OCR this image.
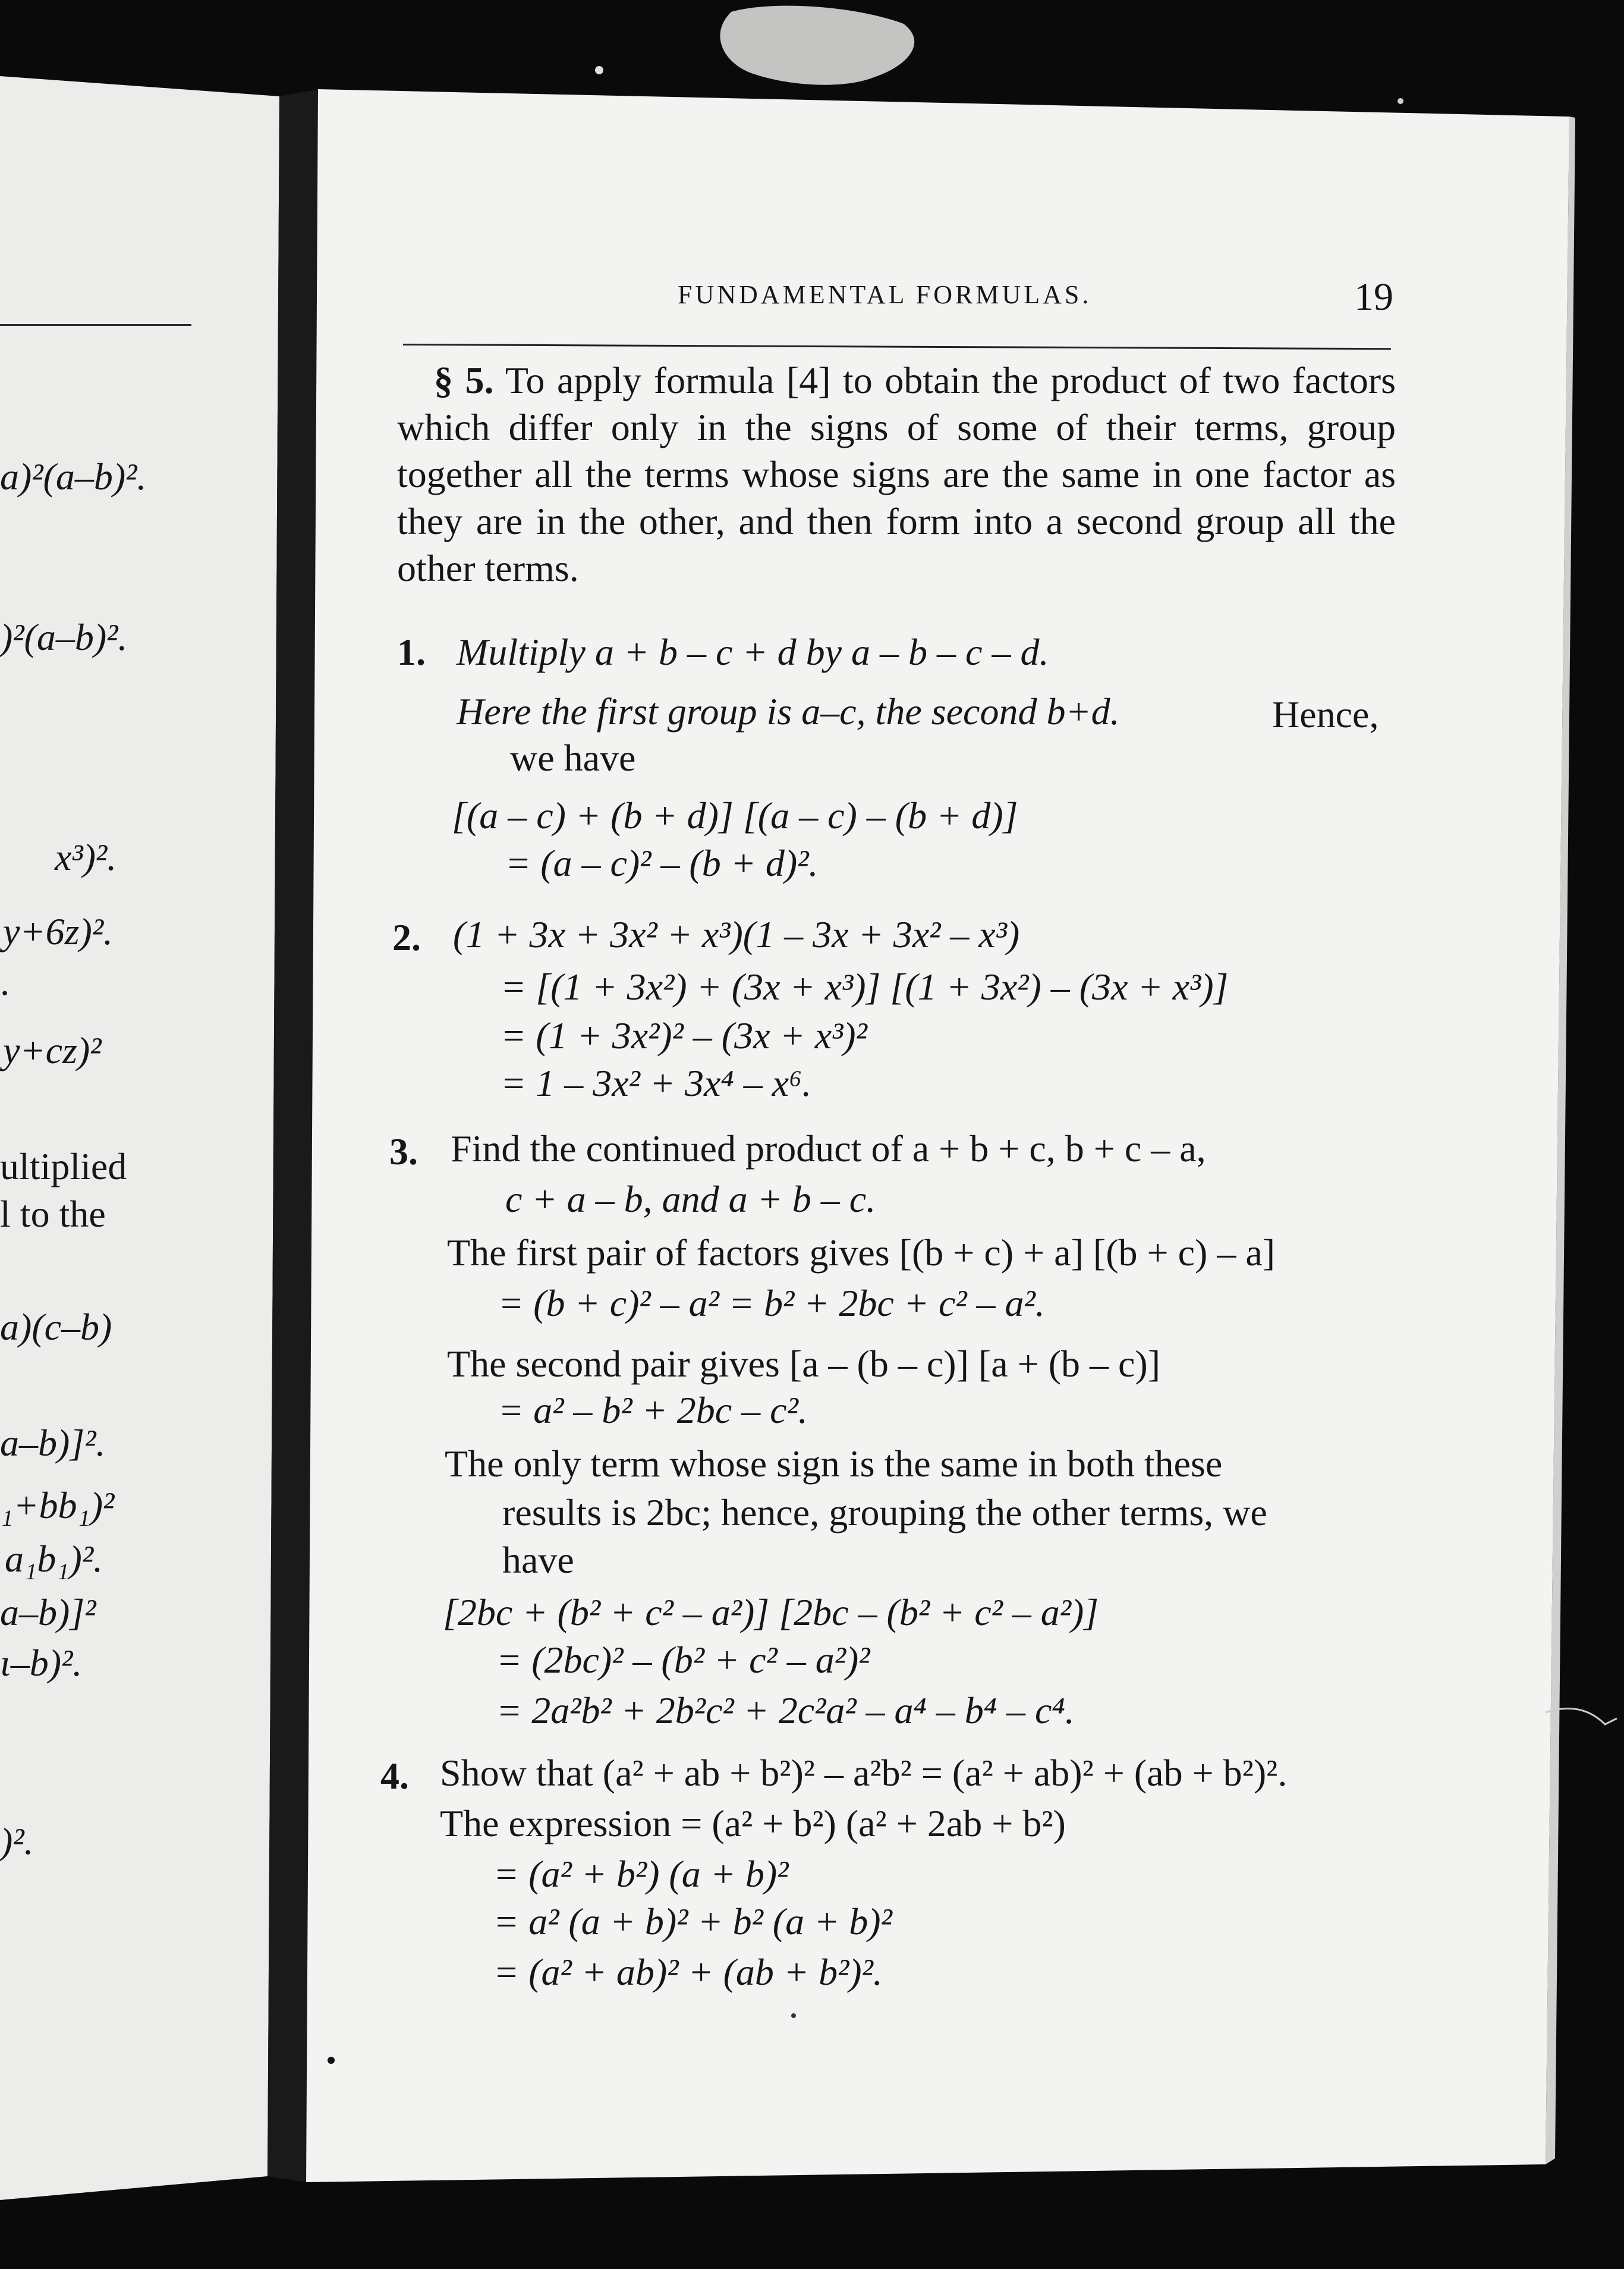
a)²(a–b)².
)²(a–b)².
x³)².
y+6z)².
.
y+cz)²
ultiplied
l to the
a)(c–b)
a–b)]².
₁+bb₁)²
a₁b₁)².
a–b)]²
ι–b)².
)².
FUNDAMENTAL FORMULAS.	19
§ 5. To apply formula [4] to obtain the product of two factors which differ only in the signs of some of their terms, group together all the terms whose signs are the same in one factor as they are in the other, and then form into a second group all the other terms.
1. Multiply a + b – c + d by a – b – c – d.
Here the first group is a–c, the second b+d.	Hence,
we have
[(a – c) + (b + d)] [(a – c) – (b + d)]
= (a – c)² – (b + d)².
2. (1 + 3x + 3x² + x³)(1 – 3x + 3x² – x³)
= [(1 + 3x²) + (3x + x³)] [(1 + 3x²) – (3x + x³)]
= (1 + 3x²)² – (3x + x³)²
= 1 – 3x² + 3x⁴ – x⁶.
3. Find the continued product of a + b + c, b + c – a,
c + a – b, and a + b – c.
The first pair of factors gives [(b + c) + a] [(b + c) – a]
= (b + c)² – a² = b² + 2bc + c² – a².
The second pair gives [a – (b – c)] [a + (b – c)]
= a² – b² + 2bc – c².
The only term whose sign is the same in both these
results is 2bc; hence, grouping the other terms, we
have
[2bc + (b² + c² – a²)] [2bc – (b² + c² – a²)]
= (2bc)² – (b² + c² – a²)²
= 2a²b² + 2b²c² + 2c²a² – a⁴ – b⁴ – c⁴.
4. Show that (a² + ab + b²)² – a²b² = (a² + ab)² + (ab + b²)².
The expression = (a² + b²) (a² + 2ab + b²)
= (a² + b²) (a + b)²
= a² (a + b)² + b² (a + b)²
= (a² + ab)² + (ab + b²)².
